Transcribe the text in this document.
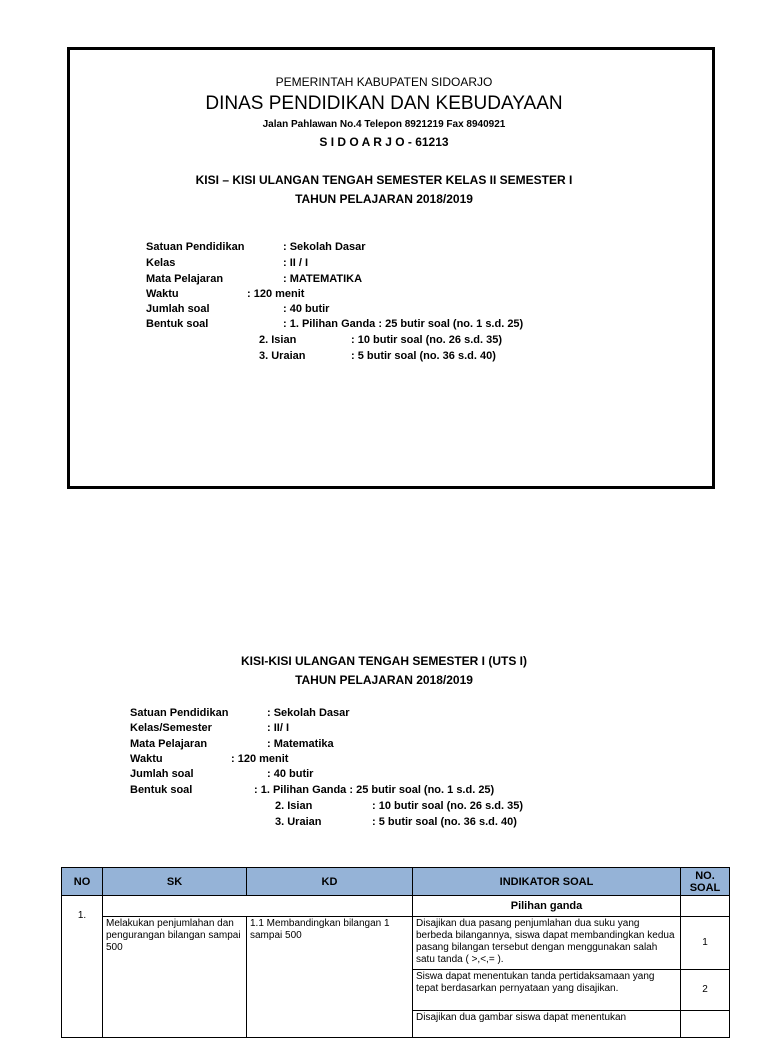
PEMERINTAH KABUPATEN SIDOARJO
DINAS PENDIDIKAN DAN KEBUDAYAAN
Jalan Pahlawan No.4 Telepon 8921219 Fax 8940921
S I D O A R J O - 61213
KISI – KISI ULANGAN TENGAH SEMESTER KELAS II SEMESTER I
TAHUN PELAJARAN 2018/2019
Satuan Pendidikan	: Sekolah Dasar
Kelas	: II / I
Mata Pelajaran	: MATEMATIKA
Waktu	: 120 menit
Jumlah soal	: 40 butir
Bentuk soal	: 1. Pilihan Ganda : 25 butir soal (no. 1 s.d. 25)
2. Isian	: 10 butir soal (no. 26 s.d. 35)
3. Uraian	: 5 butir soal (no. 36 s.d. 40)
KISI-KISI ULANGAN TENGAH SEMESTER I (UTS I)
TAHUN PELAJARAN 2018/2019
Satuan Pendidikan	: Sekolah Dasar
Kelas/Semester	: II/ I
Mata Pelajaran	: Matematika
Waktu	: 120 menit
Jumlah soal	: 40 butir
Bentuk soal	: 1. Pilihan Ganda : 25 butir soal (no. 1 s.d. 25)
2. Isian	: 10 butir soal (no. 26 s.d. 35)
3. Uraian	: 5 butir soal (no. 36 s.d. 40)
NO	SK	KD	INDIKATOR SOAL	NO. SOAL
1.			Pilihan ganda	
	Melakukan penjumlahan dan pengurangan bilangan sampai 500	1.1 Membandingkan bilangan 1 sampai 500	Disajikan dua pasang penjumlahan dua suku yang berbeda bilangannya, siswa dapat membandingkan kedua pasang bilangan tersebut dengan menggunakan salah satu tanda ( >,<,= ).	1
			Siswa dapat menentukan tanda pertidaksamaan yang tepat berdasarkan pernyataan yang disajikan.	2
			Disajikan dua gambar siswa dapat menentukan	
